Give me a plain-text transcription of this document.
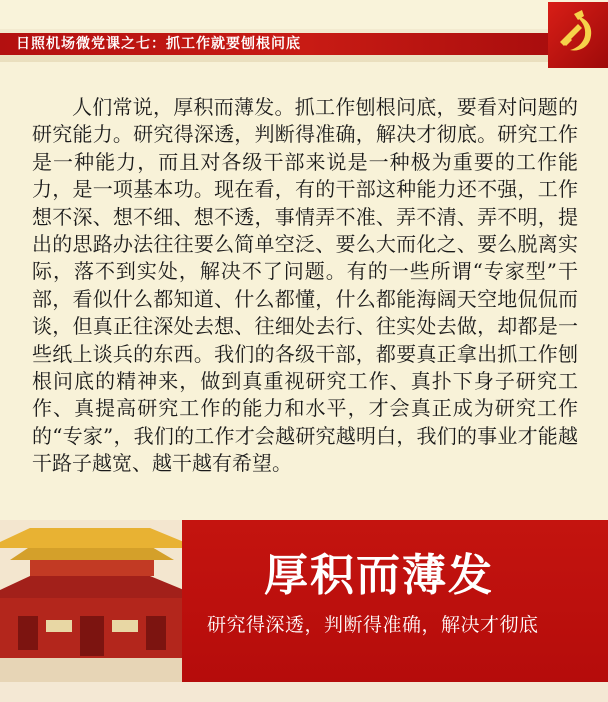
日照机场微党课之七：抓工作就要刨根问底

人们常说，厚积而薄发。抓工作刨根问底，要看对问题的研究能力。研究得深透，判断得准确，解决才彻底。研究工作是一种能力，而且对各级干部来说是一种极为重要的工作能力，是一项基本功。现在看，有的干部这种能力还不强，工作想不深、想不细、想不透，事情弄不准、弄不清、弄不明，提出的思路办法往往要么简单空泛、要么大而化之、要么脱离实际，落不到实处，解决不了问题。有的一些所谓“专家型”干部，看似什么都知道、什么都懂，什么都能海阔天空地侃侃而谈，但真正往深处去想、往细处去行、往实处去做，却都是一些纸上谈兵的东西。我们的各级干部，都要真正拿出抓工作刨根问底的精神来，做到真重视研究工作、真扑下身子研究工作、真提高研究工作的能力和水平，才会真正成为研究工作的“专家”，我们的工作才会越研究越明白，我们的事业才能越干路子越宽、越干越有希望。

厚积而薄发
研究得深透，判断得准确，解决才彻底
